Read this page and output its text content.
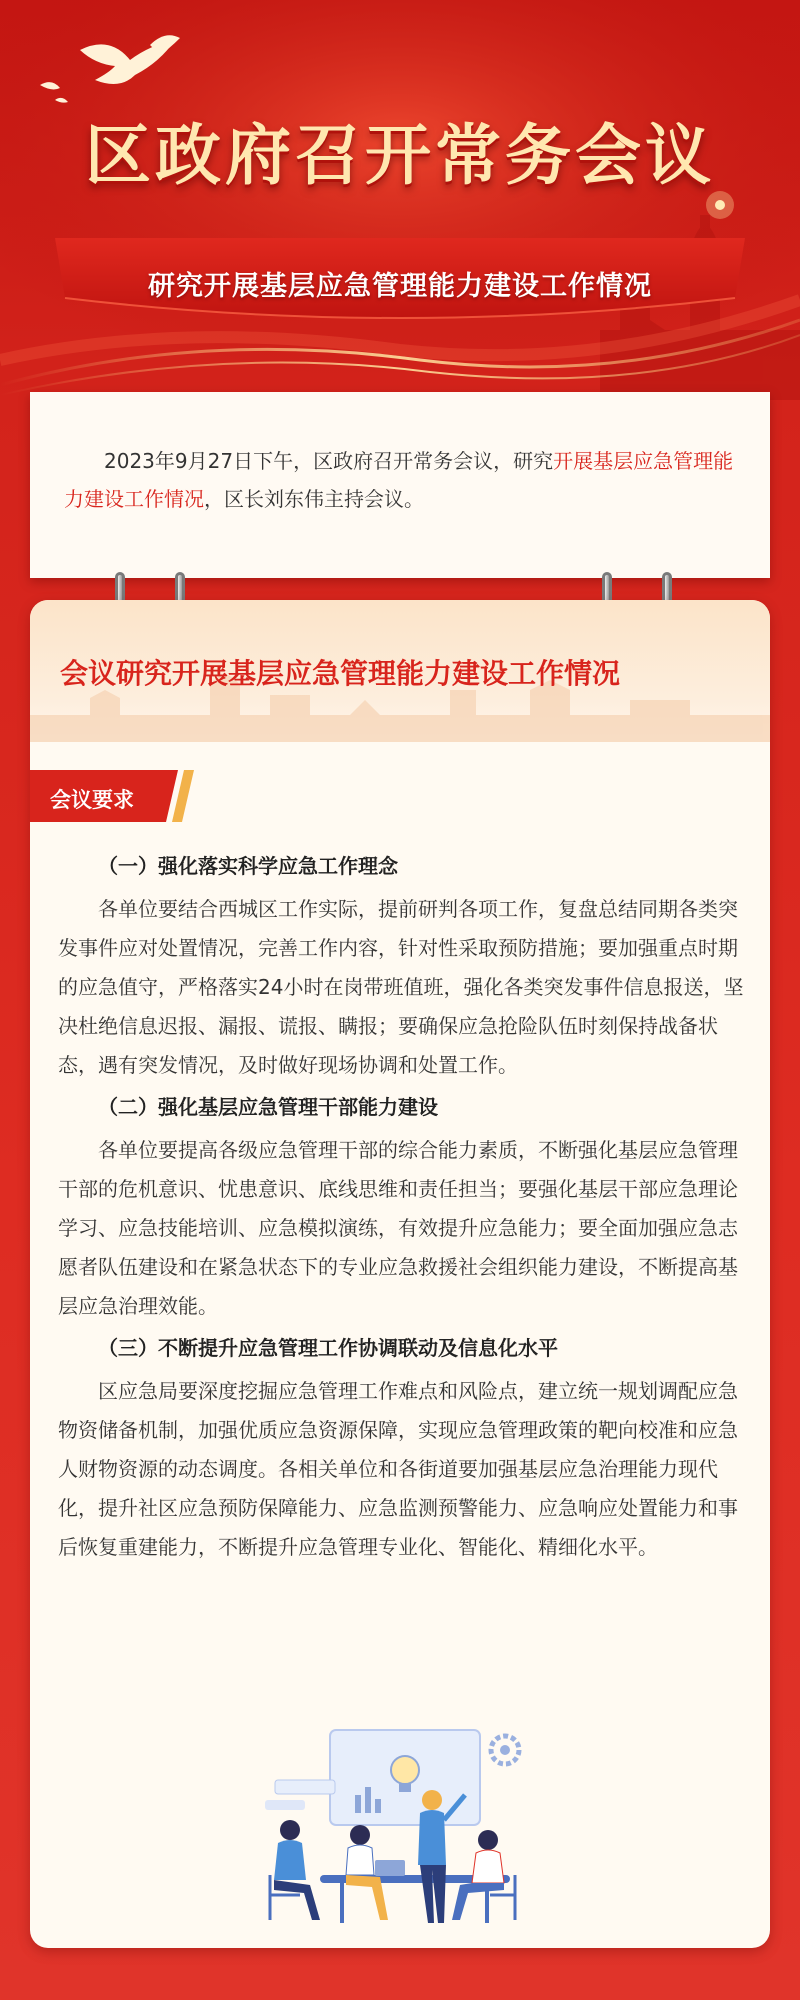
区政府召开常务会议
研究开展基层应急管理能力建设工作情况
2023年9月27日下午，区政府召开常务会议，研究开展基层应急管理能力建设工作情况，区长刘东伟主持会议。
会议研究开展基层应急管理能力建设工作情况
会议要求
（一）强化落实科学应急工作理念

各单位要结合西城区工作实际，提前研判各项工作，复盘总结同期各类突发事件应对处置情况，完善工作内容，针对性采取预防措施；要加强重点时期的应急值守，严格落实24小时在岗带班值班，强化各类突发事件信息报送，坚决杜绝信息迟报、漏报、谎报、瞒报；要确保应急抢险队伍时刻保持战备状态，遇有突发情况，及时做好现场协调和处置工作。

（二）强化基层应急管理干部能力建设

各单位要提高各级应急管理干部的综合能力素质，不断强化基层应急管理干部的危机意识、忧患意识、底线思维和责任担当；要强化基层干部应急理论学习、应急技能培训、应急模拟演练，有效提升应急能力；要全面加强应急志愿者队伍建设和在紧急状态下的专业应急救援社会组织能力建设，不断提高基层应急治理效能。

（三）不断提升应急管理工作协调联动及信息化水平

区应急局要深度挖掘应急管理工作难点和风险点，建立统一规划调配应急物资储备机制，加强优质应急资源保障，实现应急管理政策的靶向校准和应急人财物资源的动态调度。各相关单位和各街道要加强基层应急治理能力现代化，提升社区应急预防保障能力、应急监测预警能力、应急响应处置能力和事后恢复重建能力，不断提升应急管理专业化、智能化、精细化水平。
